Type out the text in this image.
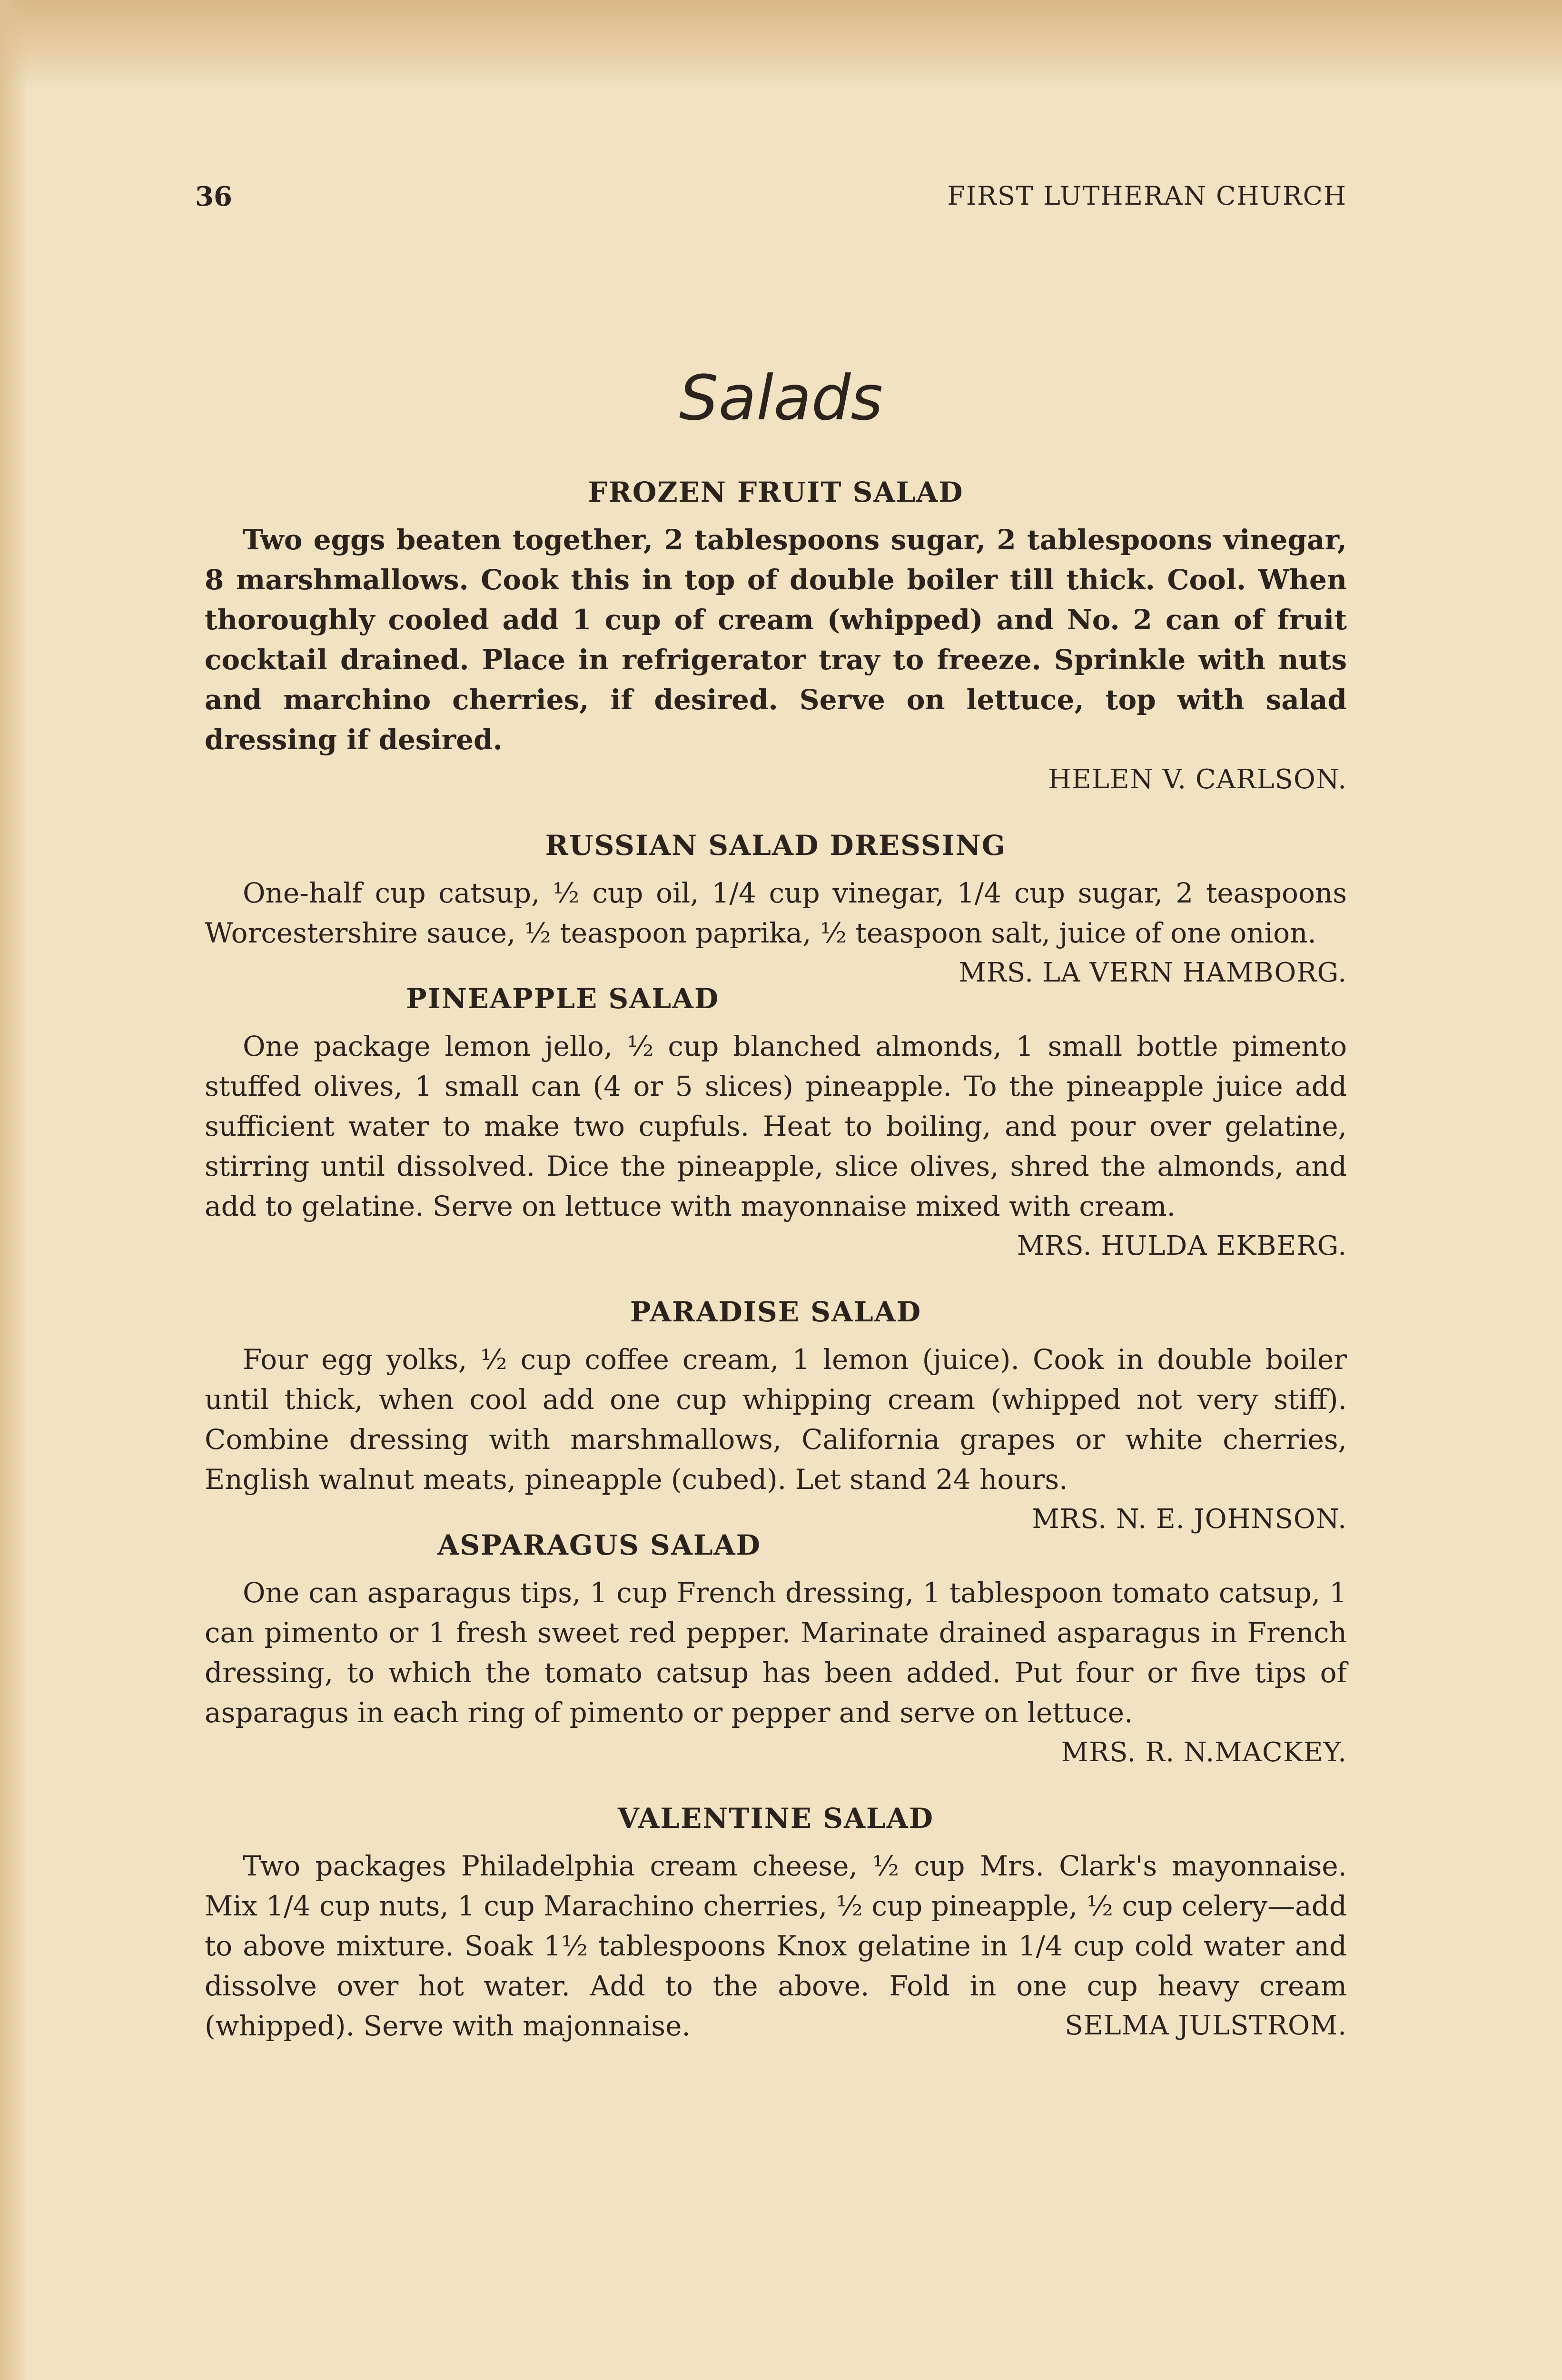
36	FIRST LUTHERAN CHURCH
Salads

FROZEN FRUIT SALAD

Two eggs beaten together, 2 tablespoons sugar, 2 tablespoons vinegar, 8 marshmallows. Cook this in top of double boiler till thick. Cool. When thoroughly cooled add 1 cup of cream (whipped) and No. 2 can of fruit cocktail drained. Place in refrigerator tray to freeze. Sprinkle with nuts and marchino cherries, if desired. Serve on lettuce, top with salad dressing if desired.

HELEN V. CARLSON.

RUSSIAN SALAD DRESSING

One-half cup catsup, ½ cup oil, 1/4 cup vinegar, 1/4 cup sugar, 2 teaspoons Worcestershire sauce, ½ teaspoon paprika, ½ teaspoon salt, juice of one onion.
MRS. LA VERN HAMBORG.

PINEAPPLE SALAD

One package lemon jello, ½ cup blanched almonds, 1 small bottle pimento stuffed olives, 1 small can (4 or 5 slices) pineapple. To the pineapple juice add sufficient water to make two cupfuls. Heat to boiling, and pour over gelatine, stirring until dissolved. Dice the pineapple, slice olives, shred the almonds, and add to gelatine. Serve on lettuce with mayonnaise mixed with cream.

MRS. HULDA EKBERG.

PARADISE SALAD

Four egg yolks, ½ cup coffee cream, 1 lemon (juice). Cook in double boiler until thick, when cool add one cup whipping cream (whipped not very stiff). Combine dressing with marshmallows, California grapes or white cherries, English walnut meats, pineapple (cubed). Let stand 24 hours.
MRS. N. E. JOHNSON.

ASPARAGUS SALAD

One can asparagus tips, 1 cup French dressing, 1 tablespoon tomato catsup, 1 can pimento or 1 fresh sweet red pepper. Marinate drained asparagus in French dressing, to which the tomato catsup has been added. Put four or five tips of asparagus in each ring of pimento or pepper and serve on lettuce.

MRS. R. N.MACKEY.

VALENTINE SALAD

Two packages Philadelphia cream cheese, ½ cup Mrs. Clark's mayonnaise. Mix 1/4 cup nuts, 1 cup Marachino cherries, ½ cup pineapple, ½ cup celery—add to above mixture. Soak 1½ tablespoons Knox gelatine in 1/4 cup cold water and dissolve over hot water. Add to the above. Fold in one cup heavy cream (whipped). Serve with majonnaise.	SELMA JULSTROM.
